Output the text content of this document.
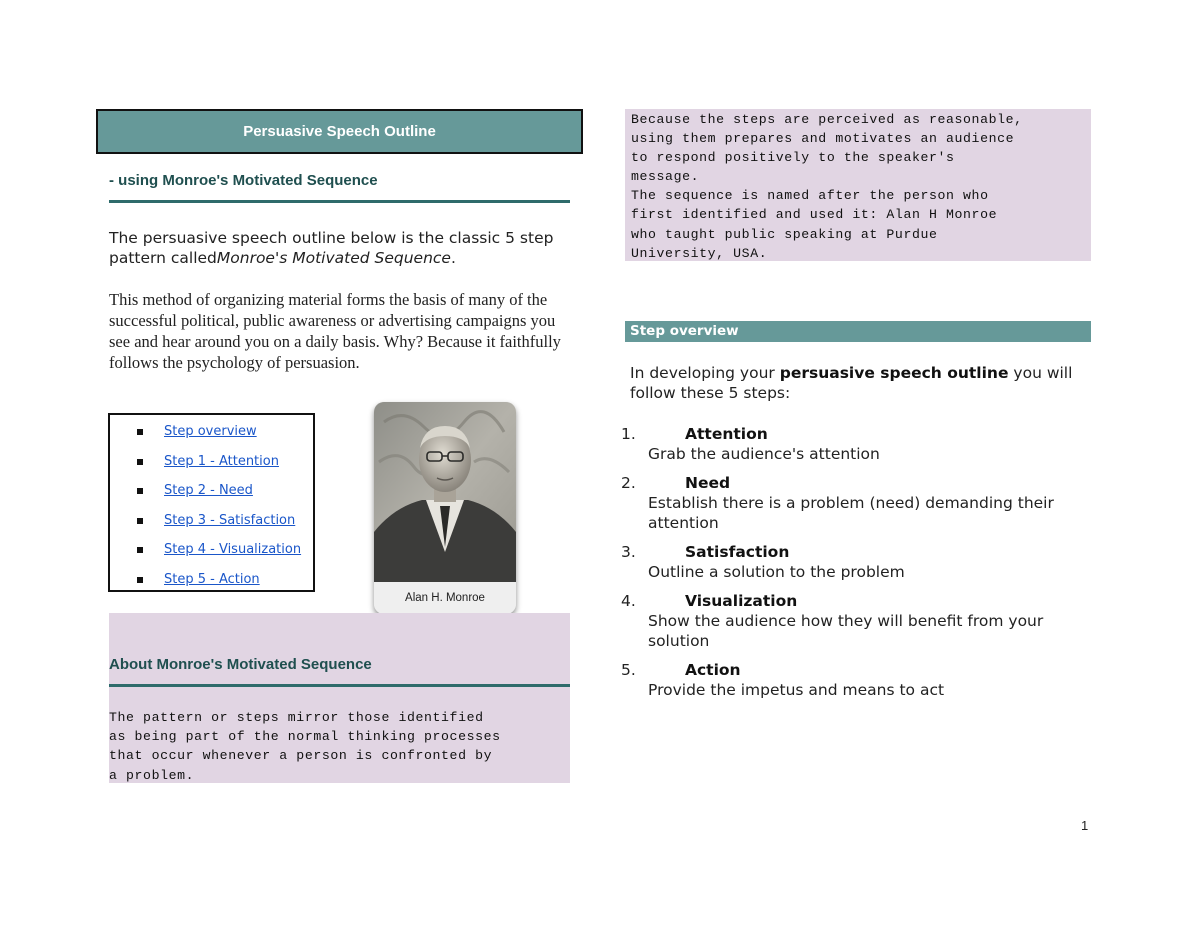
Persuasive Speech Outline
- using Monroe's Motivated Sequence
The persuasive speech outline below is the classic 5 step pattern calledMonroe's Motivated Sequence.
This method of organizing material forms the basis of many of the successful political, public awareness or advertising campaigns you see and hear around you on a daily basis. Why? Because it faithfully follows the psychology of persuasion.
Step overview
Step 1 - Attention
Step 2 - Need
Step 3 - Satisfaction
Step 4 - Visualization
Step 5 - Action
Alan H. Monroe
About Monroe's Motivated Sequence
The pattern or steps mirror those identified
as being part of the normal thinking processes
that occur whenever a person is confronted by
a problem.
Because the steps are perceived as reasonable,
using them prepares and motivates an audience
to respond positively to the speaker's
message.
The sequence is named after the person who
first identified and used it: Alan H Monroe
who taught public speaking at Purdue
University, USA.
Step overview
In developing your persuasive speech outline you will follow these 5 steps:
1.	Attention
Grab the audience's attention
2.	Need
Establish there is a problem (need) demanding their attention
3.	Satisfaction
Outline a solution to the problem
4.	Visualization
Show the audience how they will benefit from your solution
5.	Action
Provide the impetus and means to act
1
